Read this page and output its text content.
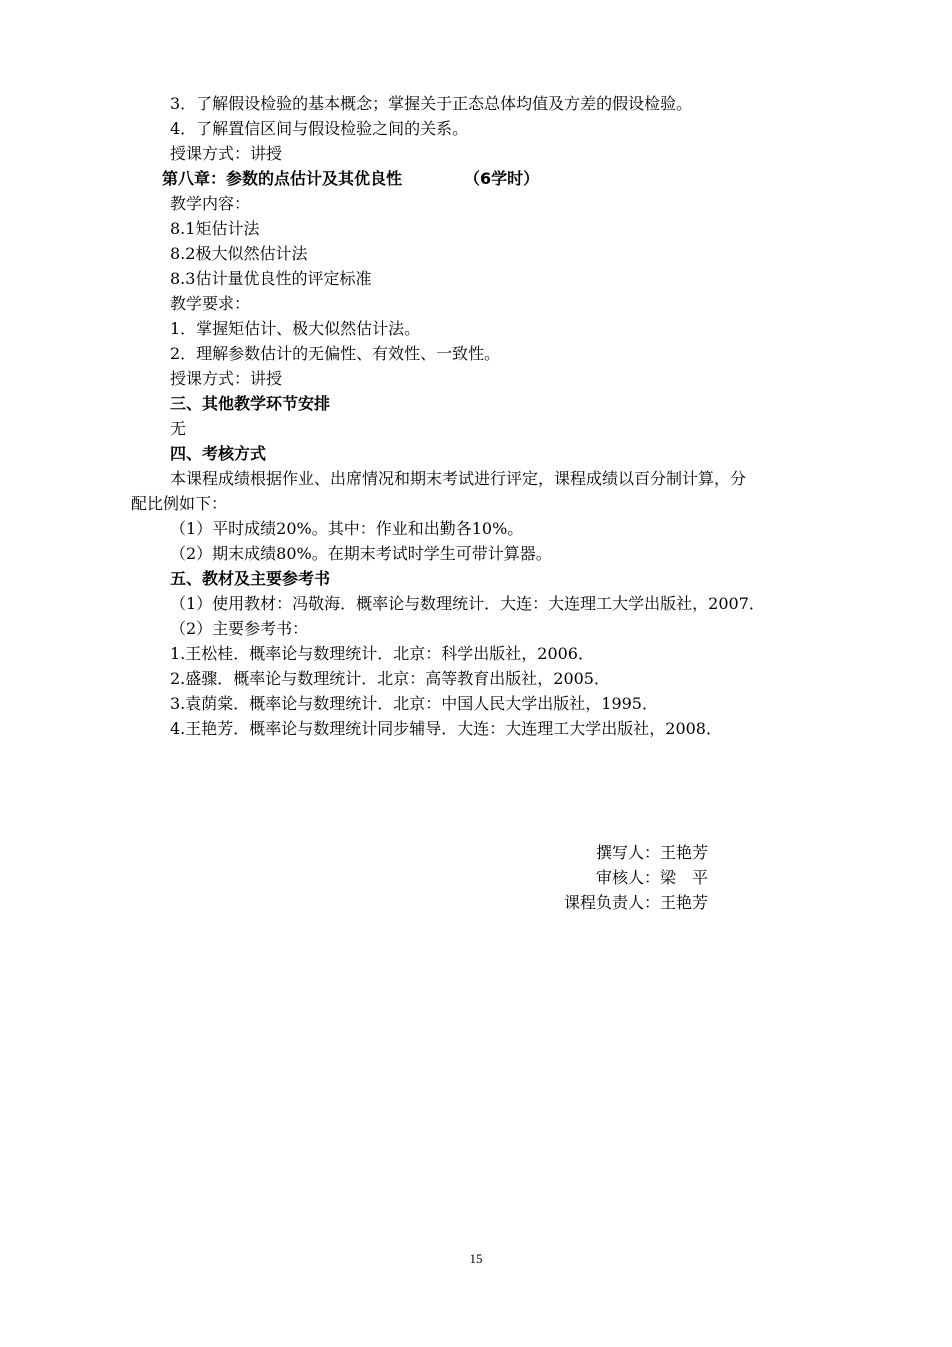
3．了解假设检验的基本概念；掌握关于正态总体均值及方差的假设检验。
4．了解置信区间与假设检验之间的关系。
授课方式：讲授
第八章：参数的点估计及其优良性	（6学时）
教学内容：
8.1矩估计法
8.2极大似然估计法
8.3估计量优良性的评定标准
教学要求：
1．掌握矩估计、极大似然估计法。
2．理解参数估计的无偏性、有效性、一致性。
授课方式：讲授
三、其他教学环节安排
无
四、考核方式
本课程成绩根据作业、出席情况和期末考试进行评定，课程成绩以百分制计算，分
配比例如下：
（1）平时成绩20%。其中：作业和出勤各10%。
（2）期末成绩80%。在期末考试时学生可带计算器。
五、教材及主要参考书
（1）使用教材：冯敬海．概率论与数理统计．大连：大连理工大学出版社，2007．
（2）主要参考书：
1.王松桂．概率论与数理统计．北京：科学出版社，2006．
2.盛骤．概率论与数理统计．北京：高等教育出版社，2005．
3.袁荫棠．概率论与数理统计．北京：中国人民大学出版社，1995．
4.王艳芳．概率论与数理统计同步辅导．大连：大连理工大学出版社，2008．
撰写人：王艳芳
审核人：梁　平
课程负责人：王艳芳
15
